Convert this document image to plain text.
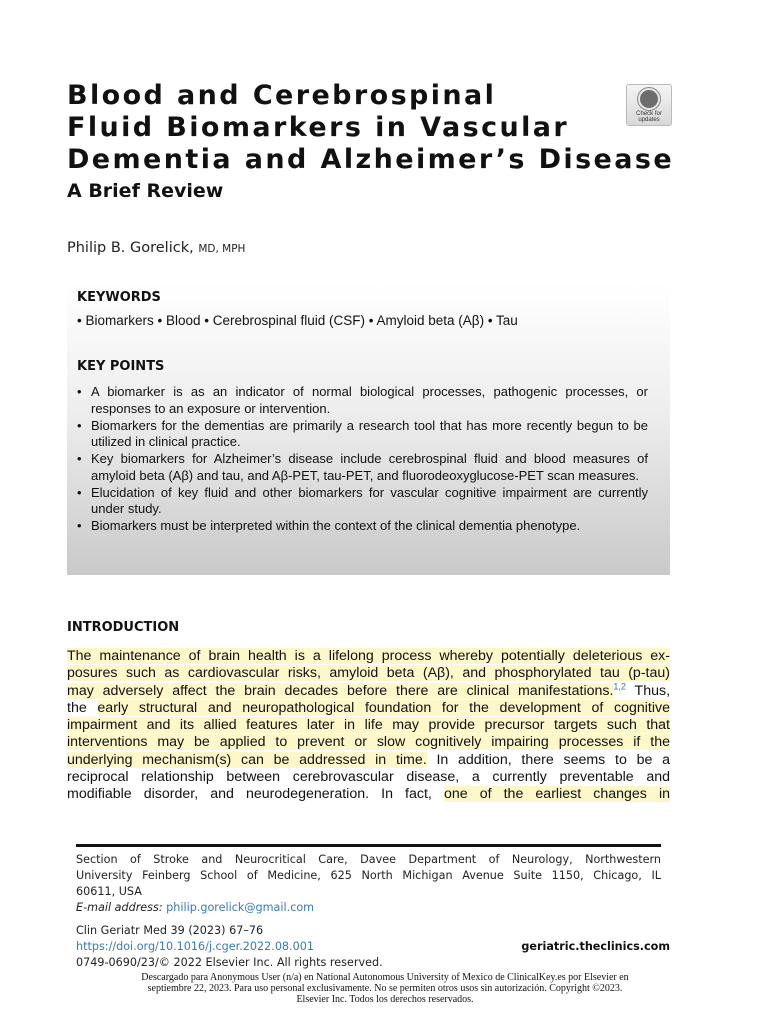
Blood and Cerebrospinal
Fluid Biomarkers in Vascular
Dementia and Alzheimer’s Disease
Check for
updates
A Brief Review
Philip B. Gorelick, MD, MPH
KEYWORDS
• Biomarkers • Blood • Cerebrospinal fluid (CSF) • Amyloid beta (Aβ) • Tau
KEY POINTS
• A biomarker is as an indicator of normal biological processes, pathogenic processes, or responses to an exposure or intervention.
• Biomarkers for the dementias are primarily a research tool that has more recently begun to be utilized in clinical practice.
• Key biomarkers for Alzheimer’s disease include cerebrospinal fluid and blood measures of amyloid beta (Aβ) and tau, and Aβ-PET, tau-PET, and fluorodeoxyglucose-PET scan measures.
• Elucidation of key fluid and other biomarkers for vascular cognitive impairment are currently under study.
• Biomarkers must be interpreted within the context of the clinical dementia phenotype.
INTRODUCTION
The maintenance of brain health is a lifelong process whereby potentially deleterious ex-
posures such as cardiovascular risks, amyloid beta (Aβ), and phosphorylated tau (p-tau)
may adversely affect the brain decades before there are clinical manifestations.$^{1,2}$ Thus,
the early structural and neuropathological foundation for the development of cognitive
impairment and its allied features later in life may provide precursor targets such that
interventions may be applied to prevent or slow cognitively impairing processes if the
underlying mechanism(s) can be addressed in time. In addition, there seems to be a
reciprocal relationship between cerebrovascular disease, a currently preventable and
modifiable disorder, and neurodegeneration. In fact, one of the earliest changes in
Section of Stroke and Neurocritical Care, Davee Department of Neurology, Northwestern
University Feinberg School of Medicine, 625 North Michigan Avenue Suite 1150, Chicago, IL
60611, USA
E-mail address: philip.gorelick@gmail.com
Clin Geriatr Med 39 (2023) 67–76
https://doi.org/10.1016/j.cger.2022.08.001
0749-0690/23/© 2022 Elsevier Inc. All rights reserved.
geriatric.theclinics.com
Descargado para Anonymous User (n/a) en National Autonomous University of Mexico de ClinicalKey.es por Elsevier en septiembre 22, 2023. Para uso personal exclusivamente. No se permiten otros usos sin autorización. Copyright ©2023. Elsevier Inc. Todos los derechos reservados.
